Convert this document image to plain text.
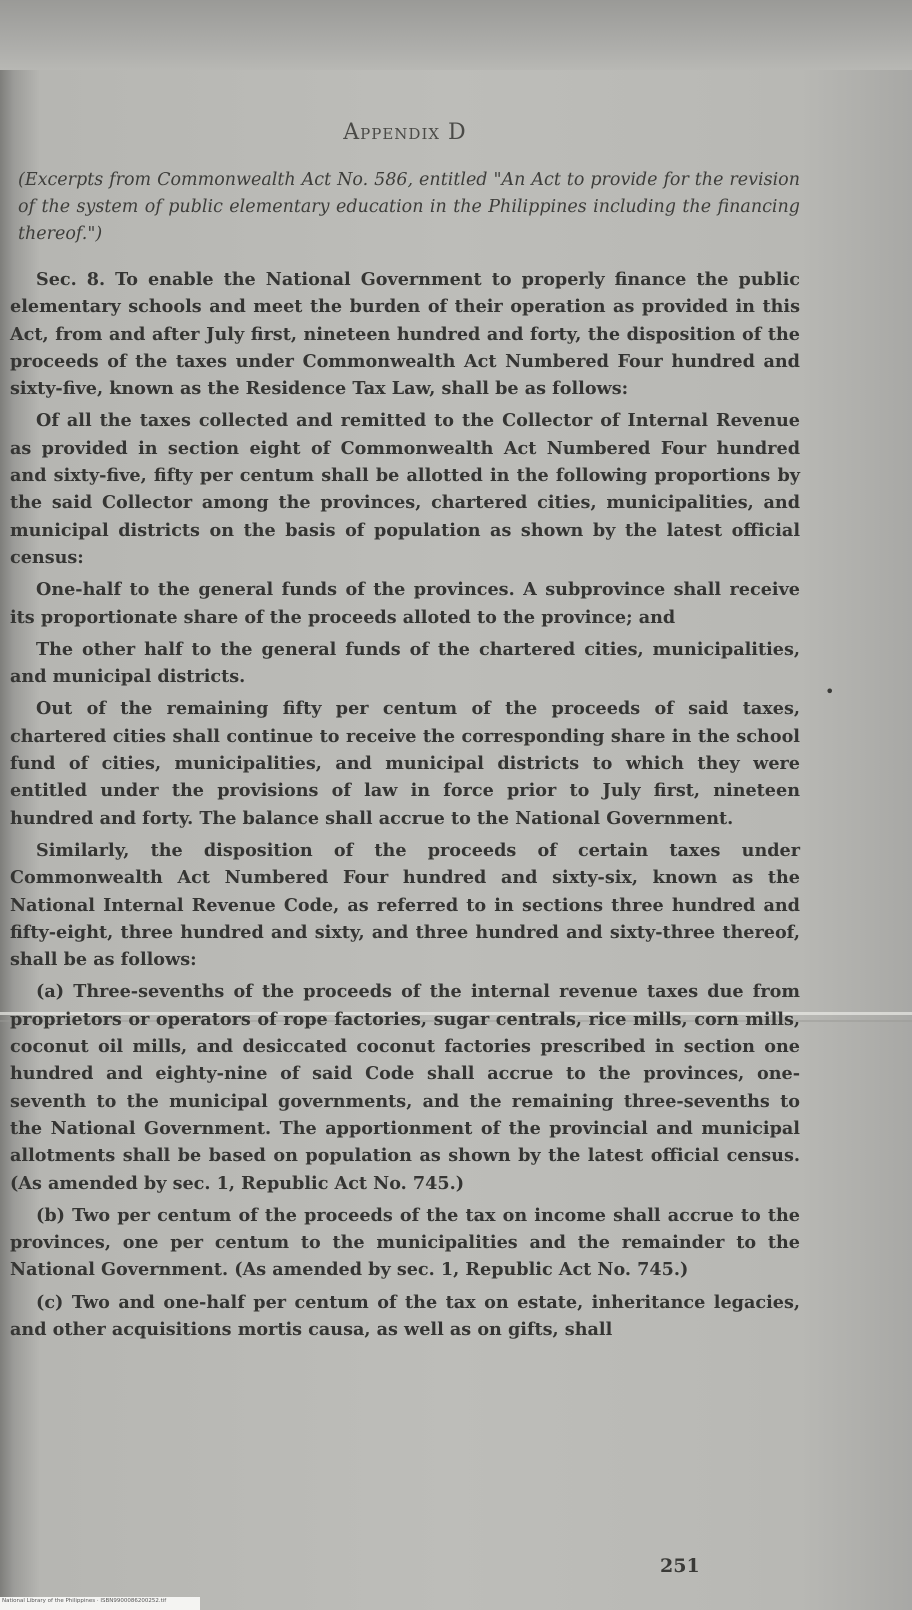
Appendix D
(Excerpts from Commonwealth Act No. 586, entitled "An Act to provide for the revision of the system of public elementary education in the Philippines including the financing thereof.")

Sec. 8. To enable the National Government to properly finance the public elementary schools and meet the burden of their operation as provided in this Act, from and after July first, nineteen hundred and forty, the disposition of the proceeds of the taxes under Commonwealth Act Numbered Four hundred and sixty-five, known as the Residence Tax Law, shall be as follows:

Of all the taxes collected and remitted to the Collector of Internal Revenue as provided in section eight of Commonwealth Act Numbered Four hundred and sixty-five, fifty per centum shall be allotted in the following proportions by the said Collector among the provinces, chartered cities, municipalities, and municipal districts on the basis of population as shown by the latest official census:

One-half to the general funds of the provinces. A subprovince shall receive its proportionate share of the proceeds alloted to the province; and

The other half to the general funds of the chartered cities, municipalities, and municipal districts.

Out of the remaining fifty per centum of the proceeds of said taxes, chartered cities shall continue to receive the corresponding share in the school fund of cities, municipalities, and municipal districts to which they were entitled under the provisions of law in force prior to July first, nineteen hundred and forty. The balance shall accrue to the National Government.

Similarly, the disposition of the proceeds of certain taxes under Commonwealth Act Numbered Four hundred and sixty-six, known as the National Internal Revenue Code, as referred to in sections three hundred and fifty-eight, three hundred and sixty, and three hundred and sixty-three thereof, shall be as follows:

(a) Three-sevenths of the proceeds of the internal revenue taxes due from proprietors or operators of rope factories, sugar centrals, rice mills, corn mills, coconut oil mills, and desiccated coconut factories prescribed in section one hundred and eighty-nine of said Code shall accrue to the provinces, one-seventh to the municipal governments, and the remaining three-sevenths to the National Government. The apportionment of the provincial and municipal allotments shall be based on population as shown by the latest official census. (As amended by sec. 1, Republic Act No. 745.)

(b) Two per centum of the proceeds of the tax on income shall accrue to the provinces, one per centum to the municipalities and the remainder to the National Government. (As amended by sec. 1, Republic Act No. 745.)

(c) Two and one-half per centum of the tax on estate, inheritance legacies, and other acquisitions mortis causa, as well as on gifts, shall

•
251
National Library of the Philippines · ISBN9900086200252.tif
